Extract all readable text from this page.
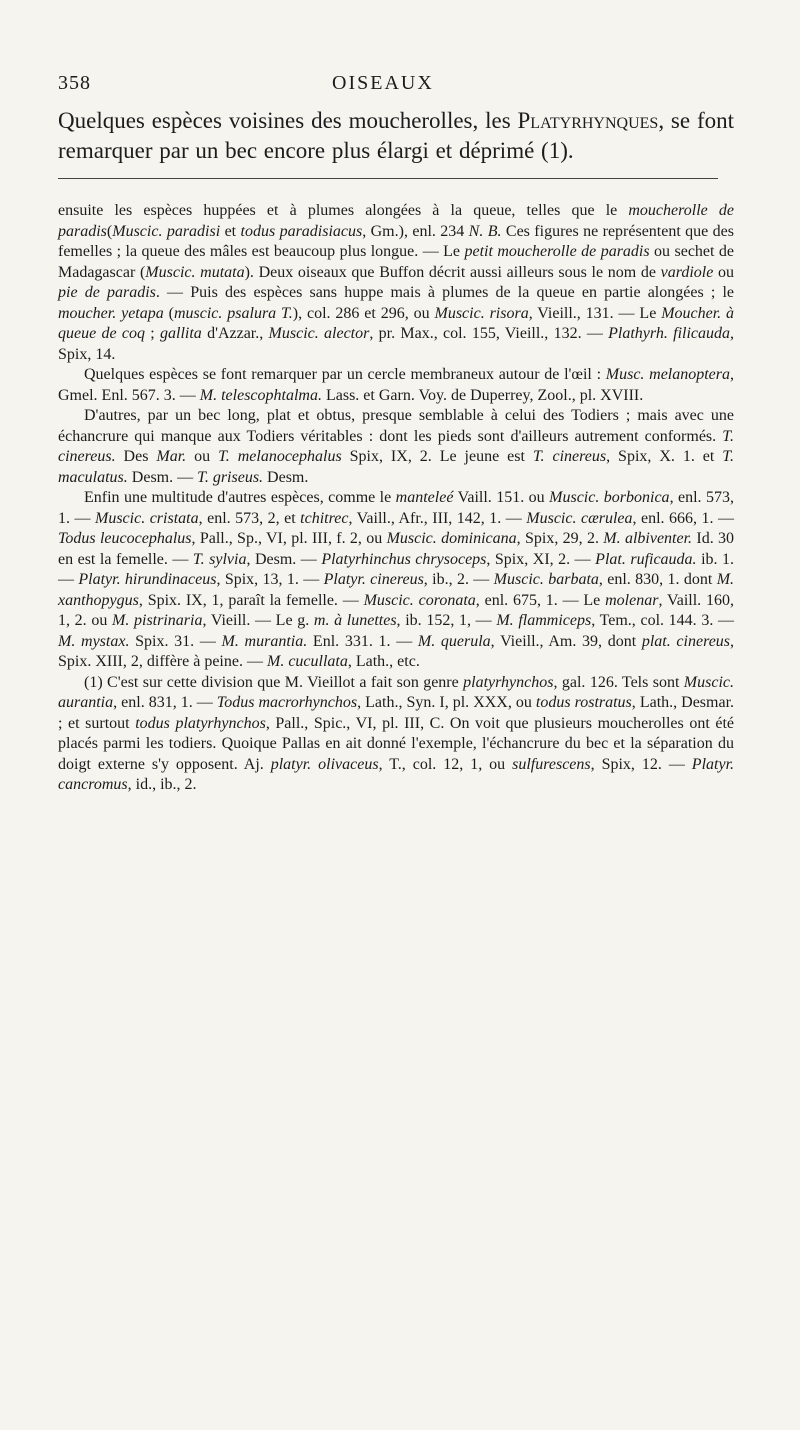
358	OISEAUX

Quelques espèces voisines des moucherolles, les Platyrhynques, se font remarquer par un bec encore plus élargi et déprimé (1).

ensuite les espèces huppées et à plumes alongées à la queue, telles que le moucherolle de paradis(Muscic. paradisi et todus paradisiacus, Gm.), enl. 234 N. B. Ces figures ne représentent que des femelles ; la queue des mâles est beaucoup plus longue. — Le petit moucherolle de paradis ou sechet de Madagascar (Muscic. mutata). Deux oiseaux que Buffon décrit aussi ailleurs sous le nom de vardiole ou pie de paradis. — Puis des espèces sans huppe mais à plumes de la queue en partie alongées ; le moucher. yetapa (muscic. psalura T.), col. 286 et 296, ou Muscic. risora, Vieill., 131. — Le Moucher. à queue de coq ; gallita d'Azzar., Muscic. alector, pr. Max., col. 155, Vieill., 132. — Plathyrh. filicauda, Spix, 14.

Quelques espèces se font remarquer par un cercle membraneux autour de l'œil : Musc. melanoptera, Gmel. Enl. 567. 3. — M. telescophtalma. Lass. et Garn. Voy. de Duperrey, Zool., pl. XVIII.

D'autres, par un bec long, plat et obtus, presque semblable à celui des Todiers ; mais avec une échancrure qui manque aux Todiers véritables : dont les pieds sont d'ailleurs autrement conformés. T. cinereus. Des Mar. ou T. melanocephalus Spix, IX, 2. Le jeune est T. cinereus, Spix, X. 1. et T. maculatus. Desm. — T. griseus. Desm.

Enfin une multitude d'autres espèces, comme le manteleé Vaill. 151. ou Muscic. borbonica, enl. 573, 1. — Muscic. cristata, enl. 573, 2, et tchitrec, Vaill., Afr., III, 142, 1. — Muscic. cærulea, enl. 666, 1. — Todus leucocephalus, Pall., Sp., VI, pl. III, f. 2, ou Muscic. dominicana, Spix, 29, 2. M. albiventer. Id. 30 en est la femelle. — T. sylvia, Desm. — Platyrhinchus chrysoceps, Spix, XI, 2. — Plat. ruficauda. ib. 1. — Platyr. hirundinaceus, Spix, 13, 1. — Platyr. cinereus, ib., 2. — Muscic. barbata, enl. 830, 1. dont M. xanthopygus, Spix. IX, 1, paraît la femelle. — Muscic. coronata, enl. 675, 1. — Le molenar, Vaill. 160, 1, 2. ou M. pistrinaria, Vieill. — Le g. m. à lunettes, ib. 152, 1, — M. flammiceps, Tem., col. 144. 3. — M. mystax. Spix. 31. — M. murantia. Enl. 331. 1. — M. querula, Vieill., Am. 39, dont plat. cinereus, Spix. XIII, 2, diffère à peine. — M. cucullata, Lath., etc.

(1) C'est sur cette division que M. Vieillot a fait son genre platyrhynchos, gal. 126. Tels sont Muscic. aurantia, enl. 831, 1. — Todus macrorhynchos, Lath., Syn. I, pl. XXX, ou todus rostratus, Lath., Desmar. ; et surtout todus platyrhynchos, Pall., Spic., VI, pl. III, C. On voit que plusieurs moucherolles ont été placés parmi les todiers. Quoique Pallas en ait donné l'exemple, l'échancrure du bec et la séparation du doigt externe s'y opposent. Aj. platyr. olivaceus, T., col. 12, 1, ou sulfurescens, Spix, 12. — Platyr. cancromus, id., ib., 2.
